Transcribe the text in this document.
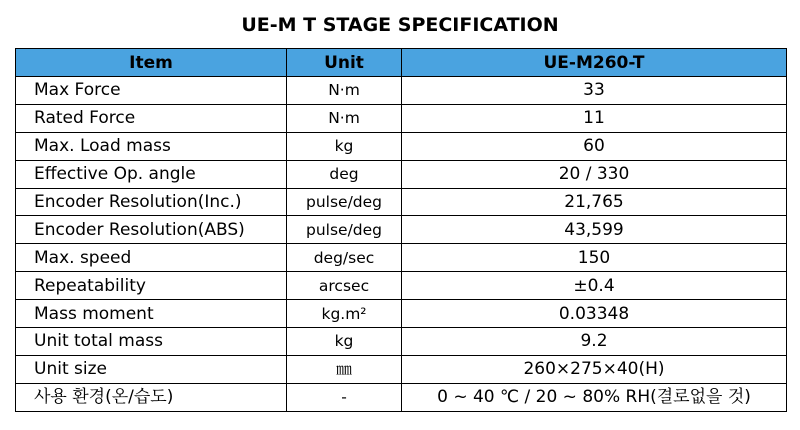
UE-M T STAGE SPECIFICATION
Item	Unit	UE-M260-T
Max Force	N·m	33
Rated Force	N·m	11
Max. Load mass	kg	60
Effective Op. angle	deg	20 / 330
Encoder Resolution(Inc.)	pulse/deg	21,765
Encoder Resolution(ABS)	pulse/deg	43,599
Max. speed	deg/sec	150
Repeatability	arcsec	±0.4
Mass moment	kg.m²	0.03348
Unit total mass	kg	9.2
Unit size	㎜	260×275×40(H)
사용 환경(온/습도)	-	0 ~ 40 ℃ / 20 ~ 80% RH(결로없을 것)
